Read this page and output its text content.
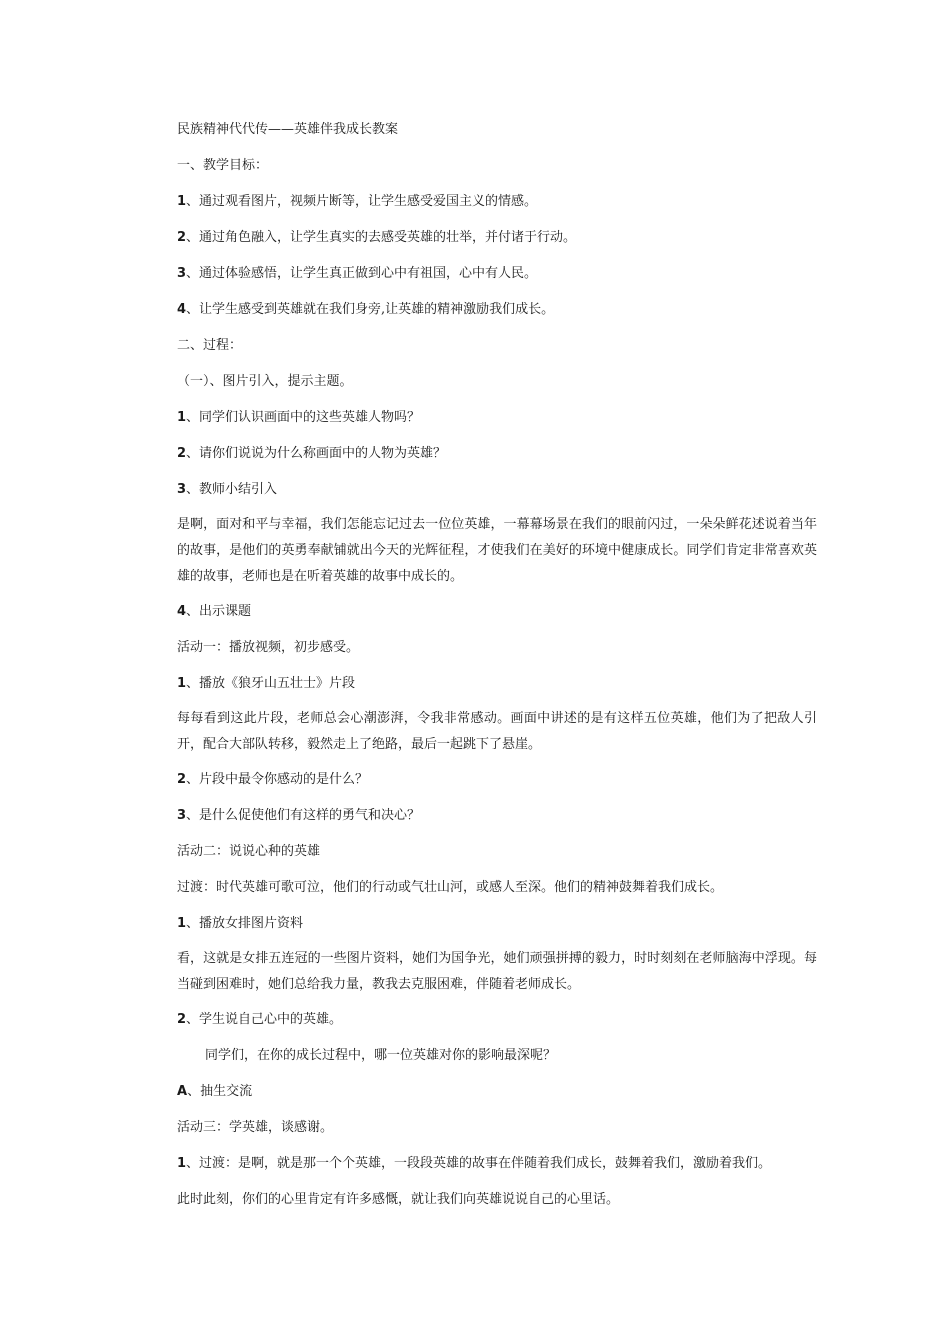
民族精神代代传——英雄伴我成长教案

一、教学目标：

1、通过观看图片，视频片断等，让学生感受爱国主义的情感。

2、通过角色融入，让学生真实的去感受英雄的壮举，并付诸于行动。

3、通过体验感悟，让学生真正做到心中有祖国，心中有人民。

4、让学生感受到英雄就在我们身旁,让英雄的精神激励我们成长。

二、过程：

（一）、图片引入，提示主题。

1、同学们认识画面中的这些英雄人物吗？

2、请你们说说为什么称画面中的人物为英雄？

3、教师小结引入

是啊，面对和平与幸福，我们怎能忘记过去一位位英雄，一幕幕场景在我们的眼前闪过，一朵朵鲜花述说着当年的故事，是他们的英勇奉献铺就出今天的光辉征程，才使我们在美好的环境中健康成长。同学们肯定非常喜欢英雄的故事，老师也是在听着英雄的故事中成长的。

4、出示课题

活动一：播放视频，初步感受。

1、播放《狼牙山五壮士》片段

每每看到这此片段，老师总会心潮澎湃，令我非常感动。画面中讲述的是有这样五位英雄，他们为了把敌人引开，配合大部队转移，毅然走上了绝路，最后一起跳下了悬崖。

2、片段中最令你感动的是什么？

3、是什么促使他们有这样的勇气和决心？

活动二：说说心种的英雄

过渡：时代英雄可歌可泣，他们的行动或气壮山河，或感人至深。他们的精神鼓舞着我们成长。

1、播放女排图片资料

看，这就是女排五连冠的一些图片资料，她们为国争光，她们顽强拼搏的毅力，时时刻刻在老师脑海中浮现。每当碰到困难时，她们总给我力量，教我去克服困难，伴随着老师成长。

2、学生说自己心中的英雄。

同学们，在你的成长过程中，哪一位英雄对你的影响最深呢？

A、抽生交流

活动三：学英雄，谈感谢。

1、过渡：是啊，就是那一个个英雄，一段段英雄的故事在伴随着我们成长，鼓舞着我们，激励着我们。

此时此刻，你们的心里肯定有许多感慨，就让我们向英雄说说自己的心里话。
